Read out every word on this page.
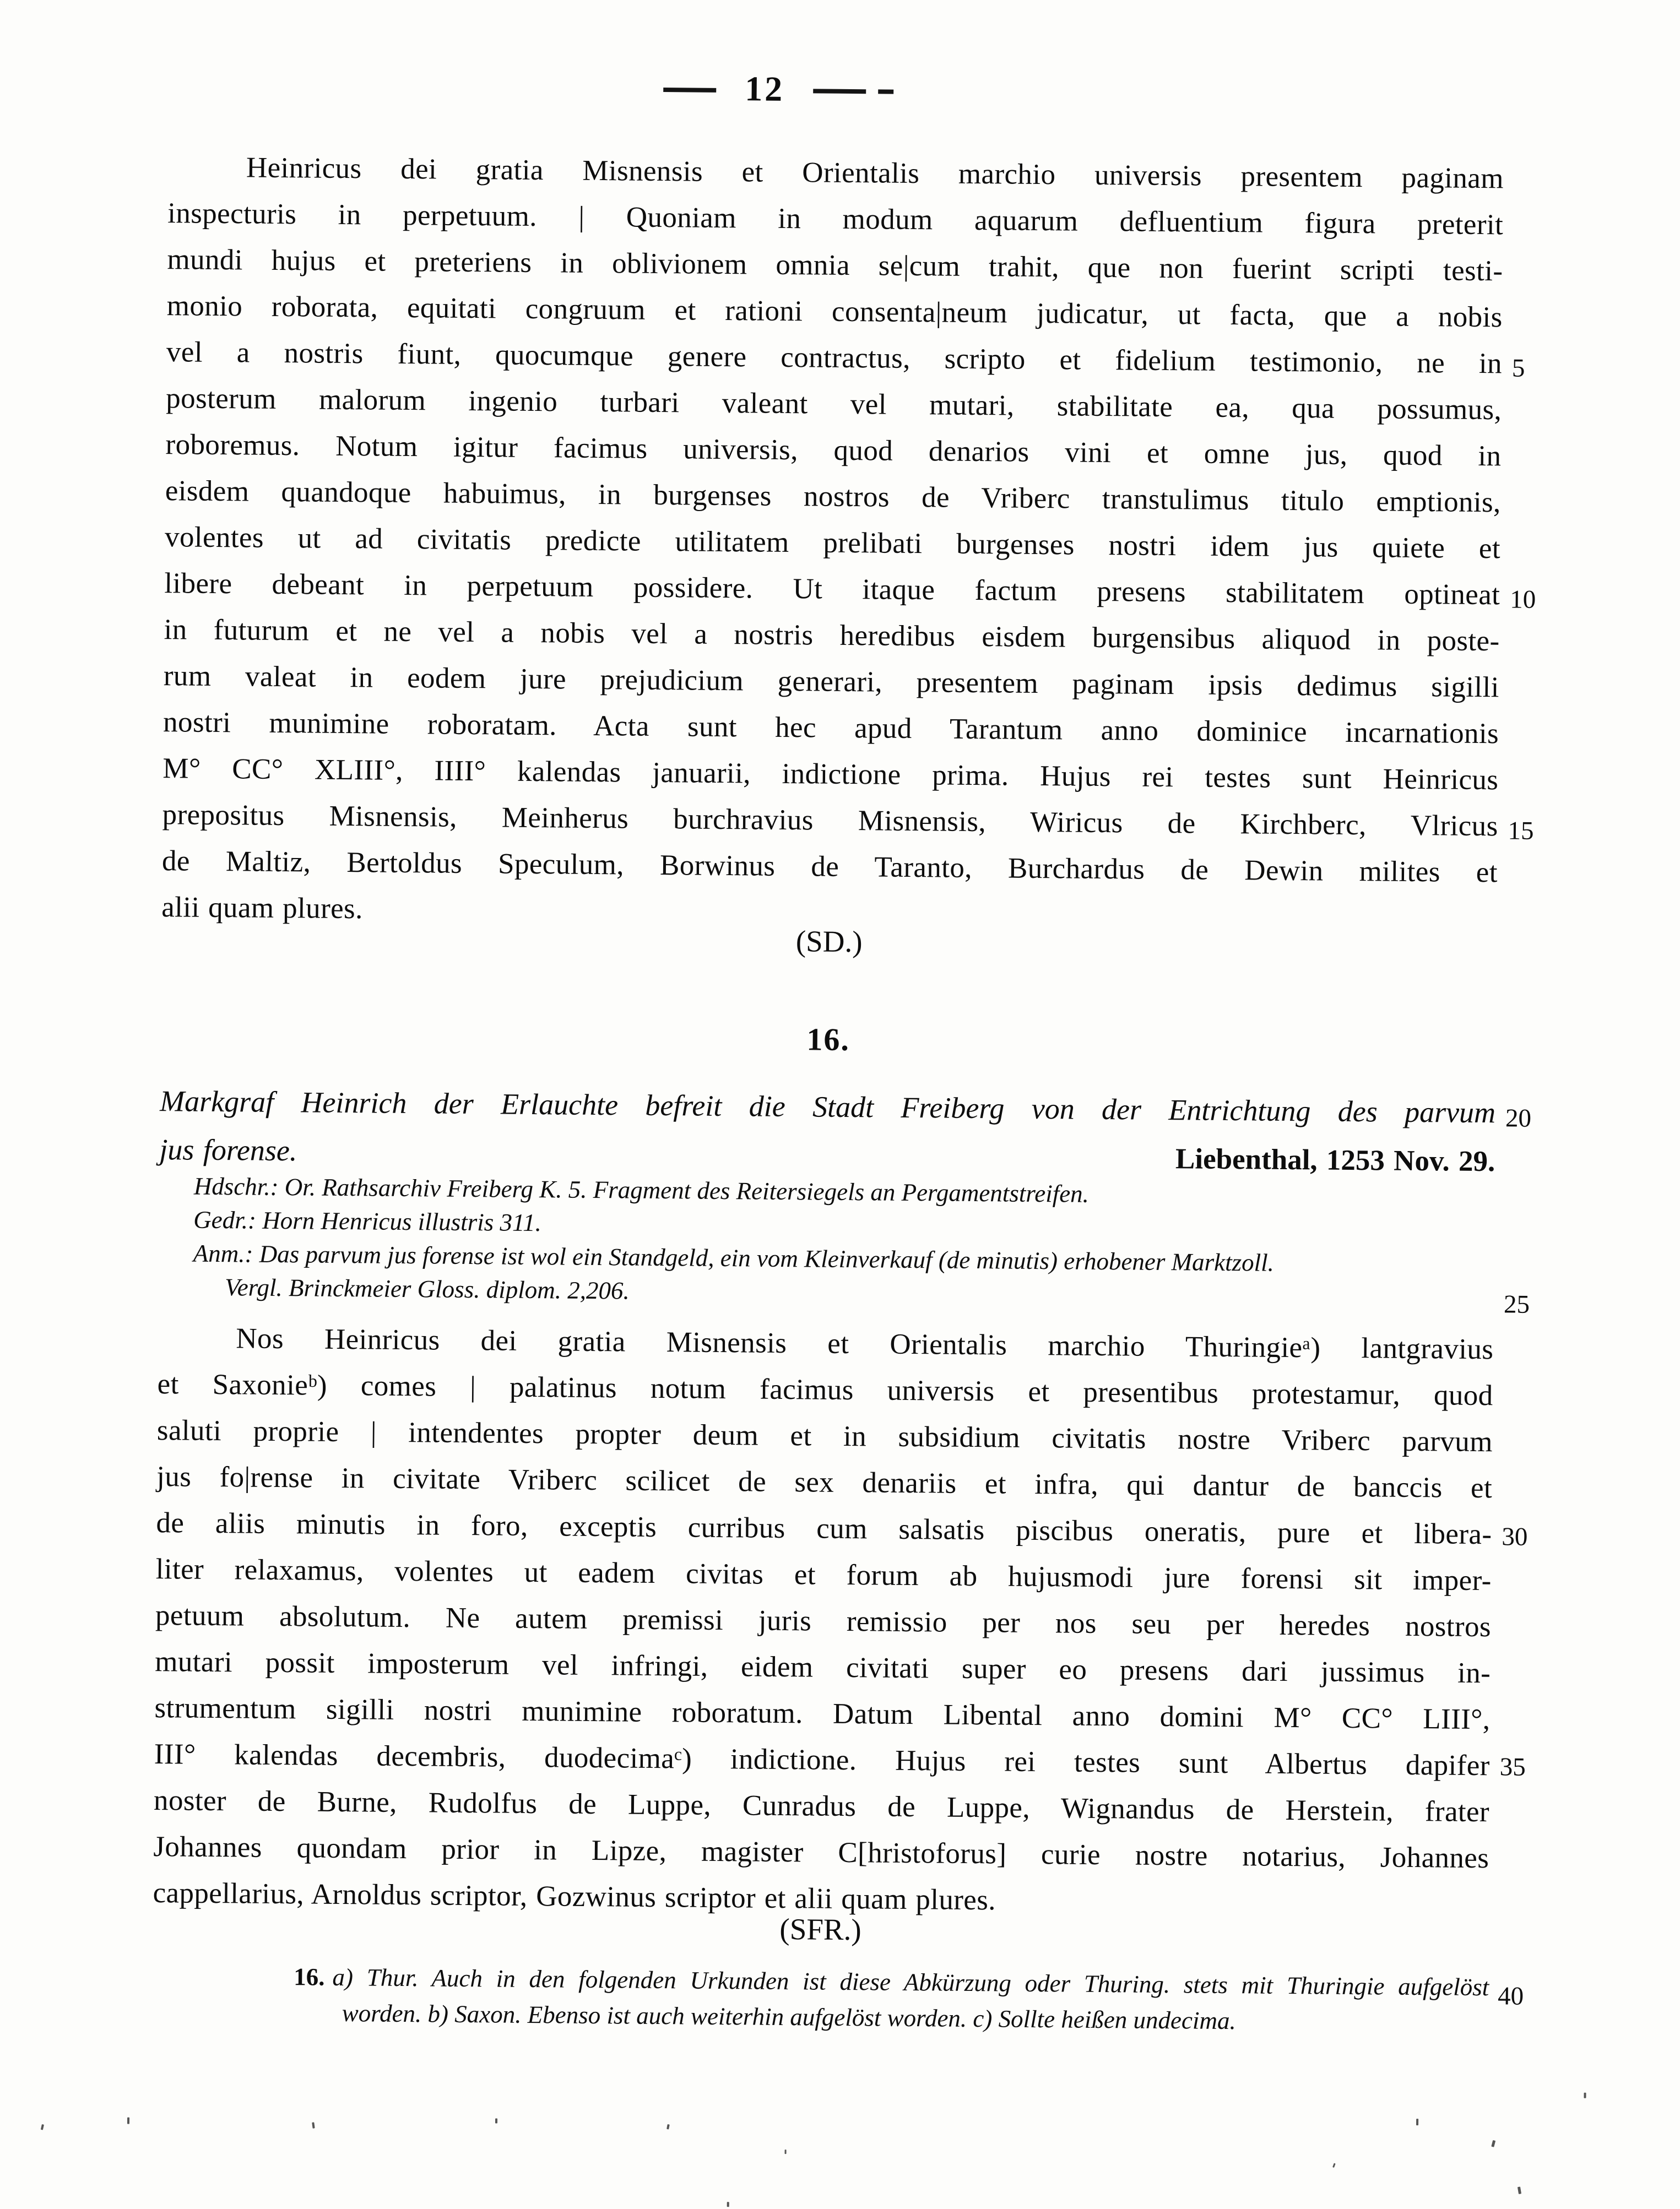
12
Heinricus dei gratia Misnensis et Orientalis marchio universis presentem paginam
inspecturis in perpetuum. | Quoniam in modum aquarum defluentium figura preterit
mundi hujus et preteriens in oblivionem omnia se|cum trahit, que non fuerint scripti testi-
monio roborata, equitati congruum et rationi consenta|neum judicatur, ut facta, que a nobis
vel a nostris fiunt, quocumque genere contractus, scripto et fidelium testimonio, ne in
posterum malorum ingenio turbari valeant vel mutari, stabilitate ea, qua possumus,
roboremus. Notum igitur facimus universis, quod denarios vini et omne jus, quod in
eisdem quandoque habuimus, in burgenses nostros de Vriberc transtulimus titulo emptionis,
volentes ut ad civitatis predicte utilitatem prelibati burgenses nostri idem jus quiete et
libere debeant in perpetuum possidere. Ut itaque factum presens stabilitatem optineat
in futurum et ne vel a nobis vel a nostris heredibus eisdem burgensibus aliquod in poste-
rum valeat in eodem jure prejudicium generari, presentem paginam ipsis dedimus sigilli
nostri munimine roboratam. Acta sunt hec apud Tarantum anno dominice incarnationis
M° CC° XLIII°, IIII° kalendas januarii, indictione prima. Hujus rei testes sunt Heinricus
prepositus Misnensis, Meinherus burchravius Misnensis, Wiricus de Kirchberc, Vlricus
de Maltiz, Bertoldus Speculum, Borwinus de Taranto, Burchardus de Dewin milites et
alii quam plures.
(SD.)
16.
Markgraf Heinrich der Erlauchte befreit die Stadt Freiberg von der Entrichtung des parvum
jus forense.	Liebenthal, 1253 Nov. 29.
Hdschr.: Or. Rathsarchiv Freiberg K. 5. Fragment des Reitersiegels an Pergamentstreifen.
Gedr.: Horn Henricus illustris 311.
Anm.: Das parvum jus forense ist wol ein Standgeld, ein vom Kleinverkauf (de minutis) erhobener Marktzoll.
Vergl. Brinckmeier Gloss. diplom. 2,206.
Nos Heinricus dei gratia Misnensis et Orientalis marchio Thuringieᵃ) lantgravius
et Saxonieᵇ) comes | palatinus notum facimus universis et presentibus protestamur, quod
saluti proprie | intendentes propter deum et in subsidium civitatis nostre Vriberc parvum
jus fo|rense in civitate Vriberc scilicet de sex denariis et infra, qui dantur de banccis et
de aliis minutis in foro, exceptis curribus cum salsatis piscibus oneratis, pure et libera-
liter relaxamus, volentes ut eadem civitas et forum ab hujusmodi jure forensi sit imper-
petuum absolutum. Ne autem premissi juris remissio per nos seu per heredes nostros
mutari possit imposterum vel infringi, eidem civitati super eo presens dari jussimus in-
strumentum sigilli nostri munimine roboratum. Datum Libental anno domini M° CC° LIII°,
III° kalendas decembris, duodecimaᶜ) indictione. Hujus rei testes sunt Albertus dapifer
noster de Burne, Rudolfus de Luppe, Cunradus de Luppe, Wignandus de Herstein, frater
Johannes quondam prior in Lipze, magister C[hristoforus] curie nostre notarius, Johannes
cappellarius, Arnoldus scriptor, Gozwinus scriptor et alii quam plures.
(SFR.)
16. a) Thur. Auch in den folgenden Urkunden ist diese Abkürzung oder Thuring. stets mit Thuringie aufgelöst
worden. b) Saxon. Ebenso ist auch weiterhin aufgelöst worden. c) Sollte heißen undecima.
5
10
15
20
25
30
35
40
